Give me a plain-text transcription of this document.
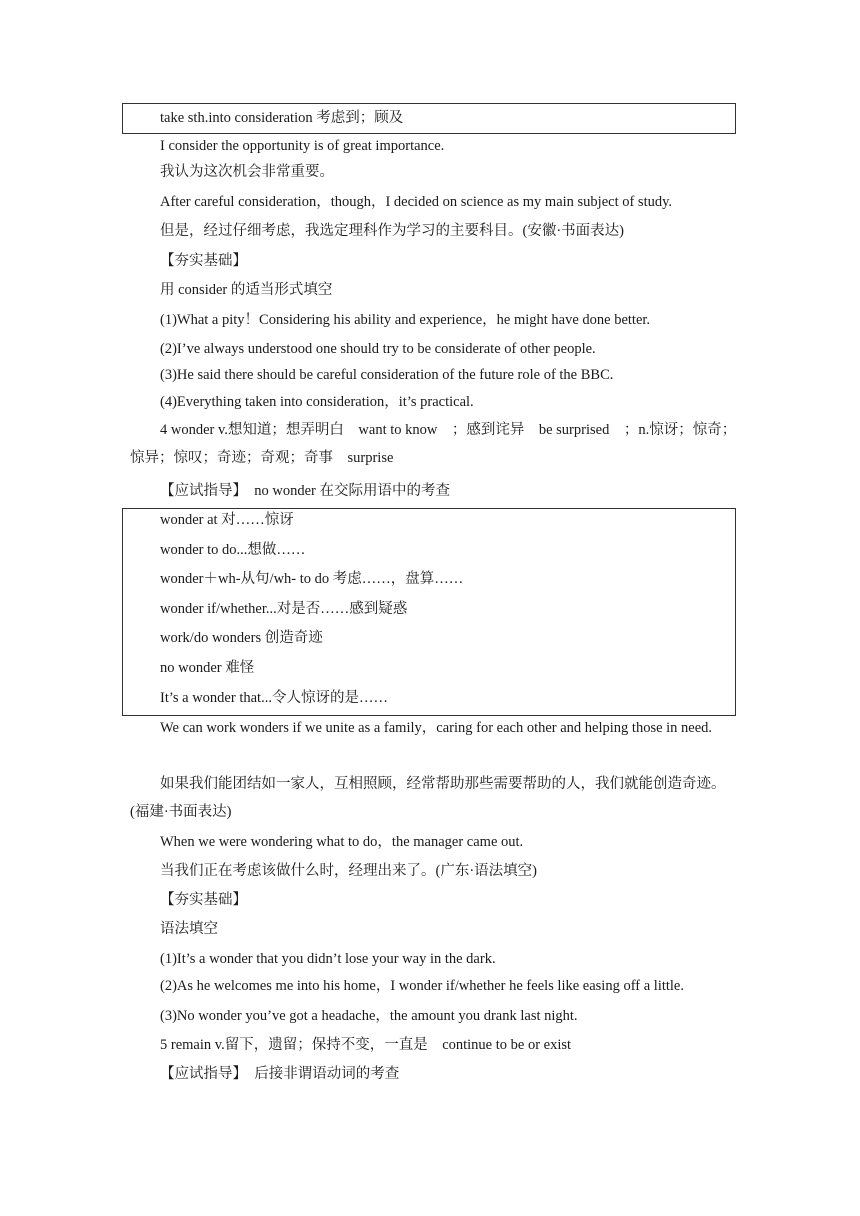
take sth.into consideration 考虑到；顾及
I consider the opportunity is of great importance.
我认为这次机会非常重要。
After careful consideration，though，I decided on science as my main subject of study.
但是，经过仔细考虑，我选定理科作为学习的主要科目。(安徽·书面表达)
【夯实基础】
用 consider 的适当形式填空
(1)What a pity！Considering his ability and experience，he might have done better.
(2)I’ve always understood one should try to be considerate of other people.
(3)He said there should be careful consideration of the future role of the BBC.
(4)Everything taken into consideration，it’s practical.
4 wonder v.想知道；想弄明白　want to know　；感到诧异　be surprised　；n.惊讶；惊奇；惊异；惊叹；奇迹；奇观；奇事　surprise
【应试指导】　no wonder 在交际用语中的考查
wonder at 对……惊讶
wonder to do...想做……
wonder＋wh-从句/wh- to do 考虑……，盘算……
wonder if/whether...对是否……感到疑惑
work/do wonders 创造奇迹
no wonder 难怪
It’s a wonder that...令人惊讶的是……
We can work wonders if we unite as a family，caring for each other and helping those in need.
如果我们能团结如一家人，互相照顾，经常帮助那些需要帮助的人，我们就能创造奇迹。(福建·书面表达)
When we were wondering what to do，the manager came out.
当我们正在考虑该做什么时，经理出来了。(广东·语法填空)
【夯实基础】
语法填空
(1)It’s a wonder that you didn’t lose your way in the dark.
(2)As he welcomes me into his home，I wonder if/whether he feels like easing off a little.
(3)No wonder you’ve got a headache，the amount you drank last night.
5 remain v.留下，遗留；保持不变，一直是　continue to be or exist
【应试指导】　后接非谓语动词的考查
